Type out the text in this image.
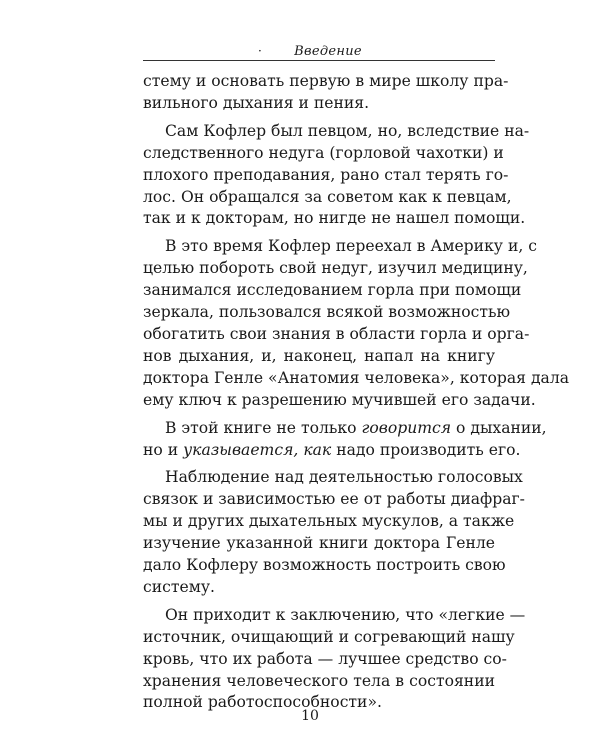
· Введение

стему и основать первую в мире школу пра-
вильного дыхания и пения.

Сам Кофлер был певцом, но, вследствие на-
следственного недуга (горловой чахотки) и
плохого преподавания, рано стал терять го-
лос. Он обращался за советом как к певцам,
так и к докторам, но нигде не нашел помощи.

В это время Кофлер переехал в Америку и, с
целью побороть свой недуг, изучил медицину,
занимался исследованием горла при помощи
зеркала, пользовался всякой возможностью
обогатить свои знания в области горла и орга-
нов дыхания, и, наконец, напал на книгу
доктора Генле «Анатомия человека», которая дала
ему ключ к разрешению мучившей его задачи.

В этой книге не только говорится о дыхании,
но и указывается, как надо производить его.

Наблюдение над деятельностью голосовых
связок и зависимостью ее от работы диафраг-
мы и других дыхательных мускулов, а также
изучение указанной книги доктора Генле
дало Кофлеру возможность построить свою
систему.

Он приходит к заключению, что «легкие —
источник, очищающий и согревающий нашу
кровь, что их работа — лучшее средство со-
хранения человеческого тела в состоянии
полной работоспособности».

10
